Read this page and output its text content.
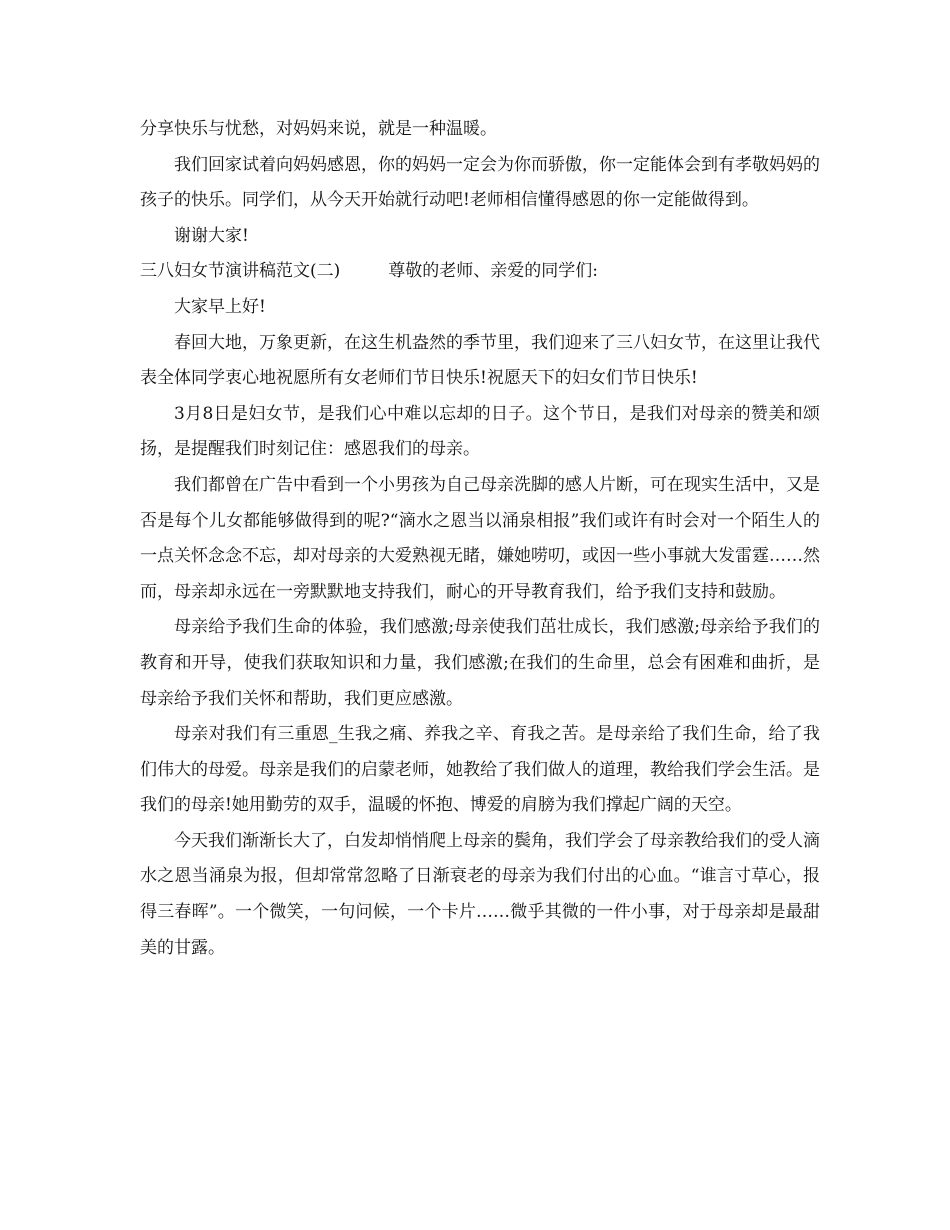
分享快乐与忧愁，对妈妈来说，就是一种温暖。

我们回家试着向妈妈感恩，你的妈妈一定会为你而骄傲，你一定能体会到有孝敬妈妈的孩子的快乐。同学们，从今天开始就行动吧!老师相信懂得感恩的你一定能做得到。

谢谢大家!

三八妇女节演讲稿范文(二)	尊敬的老师、亲爱的同学们:

大家早上好!

春回大地，万象更新，在这生机盎然的季节里，我们迎来了三八妇女节，在这里让我代表全体同学衷心地祝愿所有女老师们节日快乐!祝愿天下的妇女们节日快乐!

3月8日是妇女节，是我们心中难以忘却的日子。这个节日，是我们对母亲的赞美和颂扬，是提醒我们时刻记住：感恩我们的母亲。

我们都曾在广告中看到一个小男孩为自己母亲洗脚的感人片断，可在现实生活中，又是否是每个儿女都能够做得到的呢?“滴水之恩当以涌泉相报”我们或许有时会对一个陌生人的一点关怀念念不忘，却对母亲的大爱熟视无睹，嫌她唠叨，或因一些小事就大发雷霆……然而，母亲却永远在一旁默默地支持我们，耐心的开导教育我们，给予我们支持和鼓励。

母亲给予我们生命的体验，我们感激;母亲使我们茁壮成长，我们感激;母亲给予我们的教育和开导，使我们获取知识和力量，我们感激;在我们的生命里，总会有困难和曲折，是母亲给予我们关怀和帮助，我们更应感激。

母亲对我们有三重恩_生我之痛、养我之辛、育我之苦。是母亲给了我们生命，给了我们伟大的母爱。母亲是我们的启蒙老师，她教给了我们做人的道理，教给我们学会生活。是我们的母亲!她用勤劳的双手，温暖的怀抱、博爱的肩膀为我们撑起广阔的天空。

今天我们渐渐长大了，白发却悄悄爬上母亲的鬓角，我们学会了母亲教给我们的受人滴水之恩当涌泉为报，但却常常忽略了日渐衰老的母亲为我们付出的心血。“谁言寸草心，报得三春晖”。一个微笑，一句问候，一个卡片……微乎其微的一件小事，对于母亲却是最甜美的甘露。
